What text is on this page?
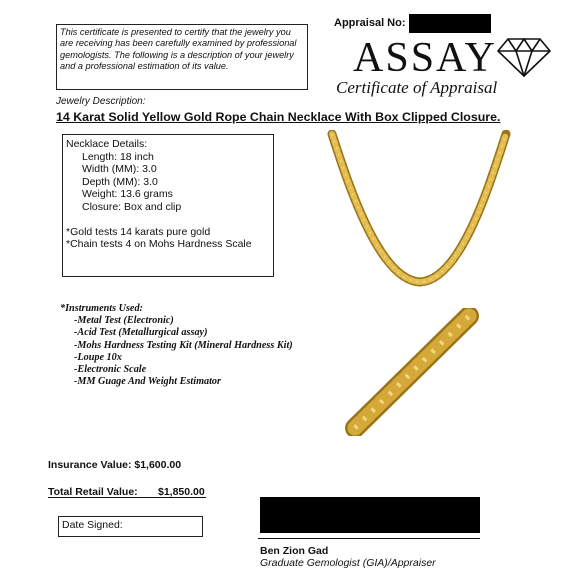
This certificate is presented to certify that the jewelry you
are receiving has been carefully examined by professional
gemologists. The following is a description of your jewelry
and a professional estimation of its value.
Appraisal No:
ASSAY
Certificate of Appraisal
Jewelry Description:
14 Karat Solid Yellow Gold Rope Chain Necklace With Box Clipped Closure.
Necklace Details:
Length: 18 inch
Width (MM): 3.0
Depth (MM): 3.0
Weight: 13.6 grams
Closure: Box and clip
*Gold tests 14 karats pure gold
*Chain tests 4 on Mohs Hardness Scale
*Instruments Used:
-Metal Test (Electronic)
-Acid Test (Metallurgical assay)
-Mohs Hardness Testing Kit (Mineral Hardness Kit)
-Loupe 10x
-Electronic Scale
-MM Guage And Weight Estimator
Insurance Value: $1,600.00
Total Retail Value: $1,850.00
Date Signed:
Ben Zion Gad
Graduate Gemologist (GIA)/Appraiser
